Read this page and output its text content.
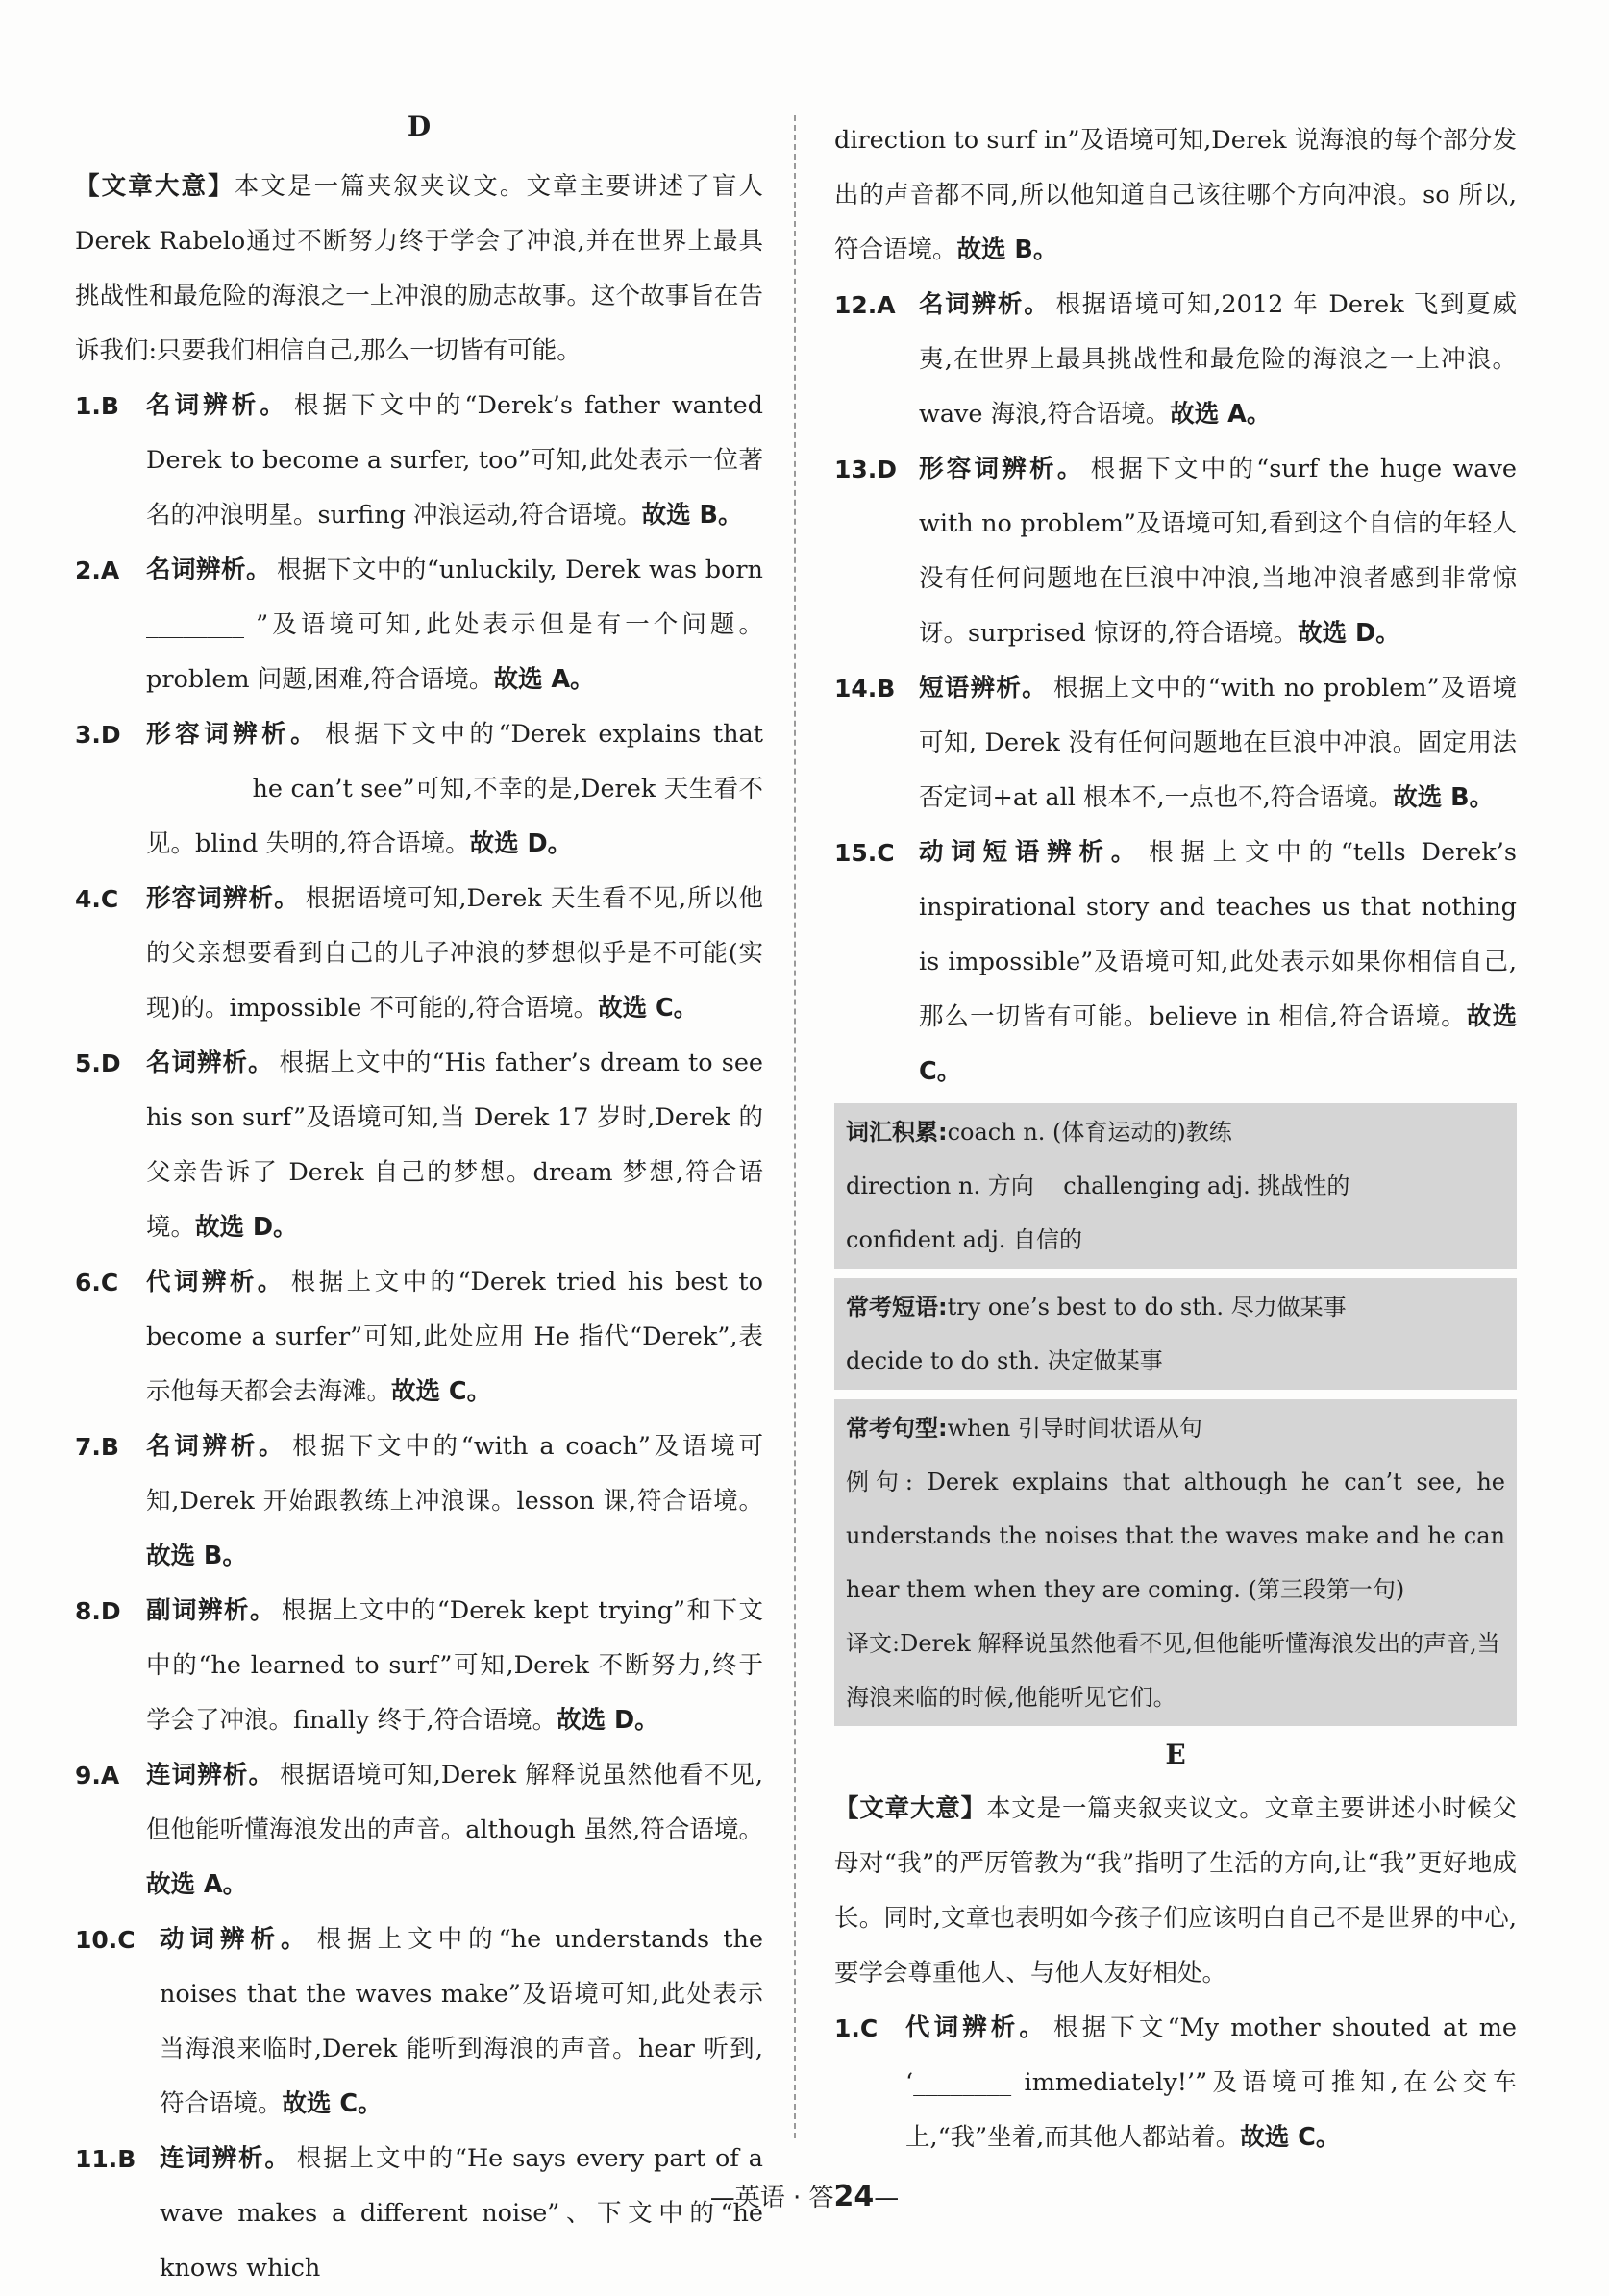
D

【文章大意】本文是一篇夹叙夹议文。文章主要讲述了盲人Derek Rabelo通过不断努力终于学会了冲浪,并在世界上最具挑战性和最危险的海浪之一上冲浪的励志故事。这个故事旨在告诉我们:只要我们相信自己,那么一切皆有可能。

1.B	名词辨析。 根据下文中的“Derek’s father wanted Derek to become a surfer, too”可知,此处表示一位著名的冲浪明星。surfing 冲浪运动,符合语境。故选 B。
2.A	名词辨析。 根据下文中的“unluckily, Derek was born ________ ”及语境可知,此处表示但是有一个问题。problem 问题,困难,符合语境。故选 A。
3.D	形容词辨析。 根据下文中的“Derek explains that ________ he can’t see”可知,不幸的是,Derek 天生看不见。blind 失明的,符合语境。故选 D。
4.C	形容词辨析。 根据语境可知,Derek 天生看不见,所以他的父亲想要看到自己的儿子冲浪的梦想似乎是不可能(实现)的。impossible 不可能的,符合语境。故选 C。
5.D	名词辨析。 根据上文中的“His father’s dream to see his son surf”及语境可知,当 Derek 17 岁时,Derek 的父亲告诉了 Derek 自己的梦想。dream 梦想,符合语境。故选 D。
6.C	代词辨析。 根据上文中的“Derek tried his best to become a surfer”可知,此处应用 He 指代“Derek”,表示他每天都会去海滩。故选 C。
7.B	名词辨析。 根据下文中的“with a coach”及语境可知,Derek 开始跟教练上冲浪课。lesson 课,符合语境。故选 B。
8.D	副词辨析。 根据上文中的“Derek kept trying”和下文中的“he learned to surf”可知,Derek 不断努力,终于学会了冲浪。finally 终于,符合语境。故选 D。
9.A	连词辨析。 根据语境可知,Derek 解释说虽然他看不见,但他能听懂海浪发出的声音。although 虽然,符合语境。故选 A。
10.C 动词辨析。 根据上文中的“he understands the noises that the waves make”及语境可知,此处表示当海浪来临时,Derek 能听到海浪的声音。hear 听到,符合语境。故选 C。
11.B 连词辨析。 根据上文中的“He says every part of a wave makes a different noise”、下文中的“he knows which
direction to surf in”及语境可知,Derek 说海浪的每个部分发出的声音都不同,所以他知道自己该往哪个方向冲浪。so 所以,符合语境。故选 B。
12.A 名词辨析。 根据语境可知,2012 年 Derek 飞到夏威夷,在世界上最具挑战性和最危险的海浪之一上冲浪。wave 海浪,符合语境。故选 A。
13.D 形容词辨析。 根据下文中的“surf the huge wave with no problem”及语境可知,看到这个自信的年轻人没有任何问题地在巨浪中冲浪,当地冲浪者感到非常惊讶。surprised 惊讶的,符合语境。故选 D。
14.B 短语辨析。 根据上文中的“with no problem”及语境可知, Derek 没有任何问题地在巨浪中冲浪。固定用法否定词+at all 根本不,一点也不,符合语境。故选 B。
15.C 动词短语辨析。 根据上文中的“tells Derek’s inspirational story and teaches us that nothing is impossible”及语境可知,此处表示如果你相信自己,那么一切皆有可能。believe in 相信,符合语境。故选 C。
词汇积累:coach n. (体育运动的)教练
direction n. 方向 challenging adj. 挑战性的
confident adj. 自信的
常考短语:try one’s best to do sth. 尽力做某事
decide to do sth. 决定做某事
常考句型:when 引导时间状语从句
例句: Derek explains that although he can’t see, he understands the noises that the waves make and he can hear them when they are coming. (第三段第一句)
译文:Derek 解释说虽然他看不见,但他能听懂海浪发出的声音,当海浪来临的时候,他能听见它们。
E

【文章大意】本文是一篇夹叙夹议文。文章主要讲述小时候父母对“我”的严厉管教为“我”指明了生活的方向,让“我”更好地成长。同时,文章也表明如今孩子们应该明白自己不是世界的中心,要学会尊重他人、与他人友好相处。

1.C	代词辨析。 根据下文“My mother shouted at me ‘________ immediately!’”及语境可推知,在公交车上,“我”坐着,而其他人都站着。故选 C。
—英语 · 答24—
